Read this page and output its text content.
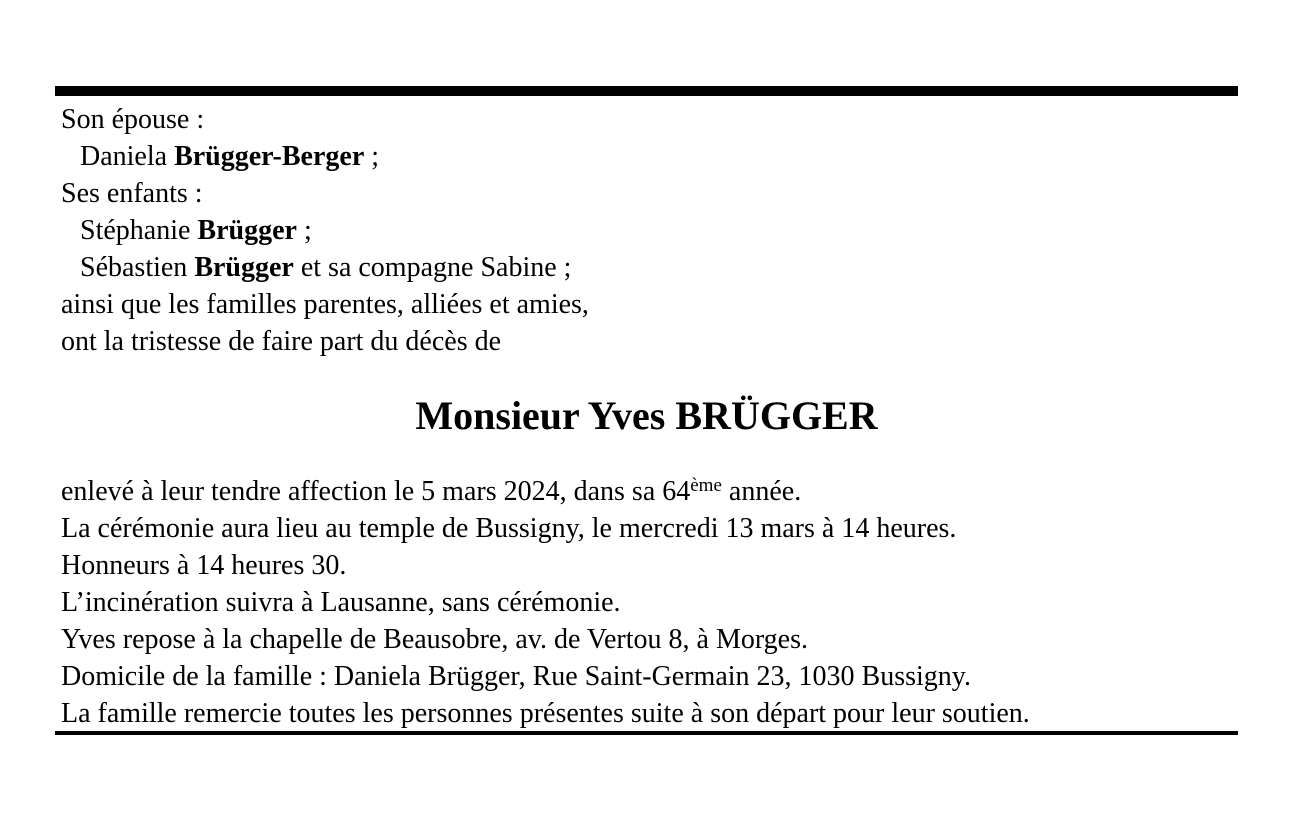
Son épouse :
Daniela Brügger-Berger ;
Ses enfants :
Stéphanie Brügger ;
Sébastien Brügger et sa compagne Sabine ;
ainsi que les familles parentes, alliées et amies,
ont la tristesse de faire part du décès de
Monsieur Yves BRÜGGER
enlevé à leur tendre affection le 5 mars 2024, dans sa 64ème année.
La cérémonie aura lieu au temple de Bussigny, le mercredi 13 mars à 14 heures.
Honneurs à 14 heures 30.
L’incinération suivra à Lausanne, sans cérémonie.
Yves repose à la chapelle de Beausobre, av. de Vertou 8, à Morges.
Domicile de la famille : Daniela Brügger, Rue Saint-Germain 23, 1030 Bussigny.
La famille remercie toutes les personnes présentes suite à son départ pour leur soutien.
